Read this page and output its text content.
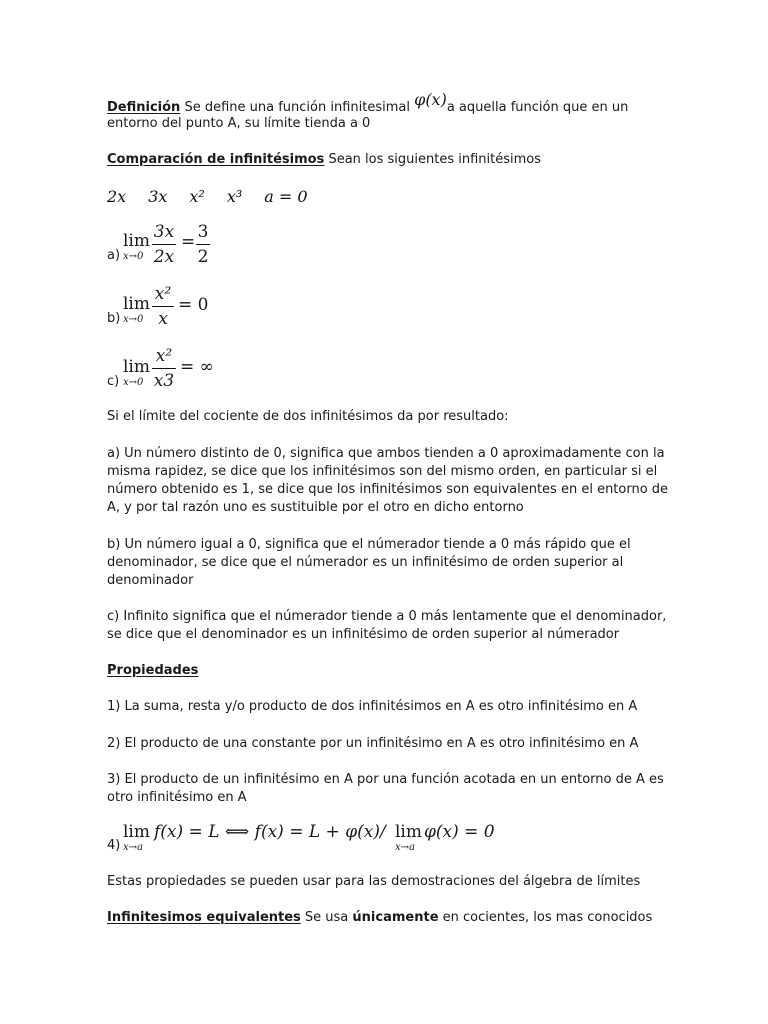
Definición Se define una función infinitesimal φ(x)a aquella función que en un
entorno del punto A, su límite tienda a 0
Comparación de infinitésimos Sean los siguientes infinitésimos
2x 3x x² x³ a = 0
a)
lim
x→0
3x
2x
= 3
2
b)
lim
x→0
x²
x
= 0
c)
lim
x→0
x²
x3
= ∞
Si el límite del cociente de dos infinitésimos da por resultado:
a) Un número distinto de 0, significa que ambos tienden a 0 aproximadamente con la
misma rapidez, se dice que los infinitésimos son del mismo orden, en particular si el
número obtenido es 1, se dice que los infinitésimos son equivalentes en el entorno de
A, y por tal razón uno es sustituible por el otro en dicho entorno
b) Un número igual a 0, significa que el númerador tiende a 0 más rápido que el
denominador, se dice que el númerador es un infinitésimo de orden superior al
denominador
c) Infinito significa que el númerador tiende a 0 más lentamente que el denominador,
se dice que el denominador es un infinitésimo de orden superior al númerador
Propiedades
1) La suma, resta y/o producto de dos infinitésimos en A es otro infinitésimo en A
2) El producto de una constante por un infinitésimo en A es otro infinitésimo en A
3) El producto de un infinitésimo en A por una función acotada en un entorno de A es
otro infinitésimo en A
4)
lim
x→a
f(x) = L ⟺ f(x) = L + φ(x)/ lim
x→a
φ(x) = 0
Estas propiedades se pueden usar para las demostraciones del álgebra de límites
Infinitesimos equivalentes Se usa únicamente en cocientes, los mas conocidos
